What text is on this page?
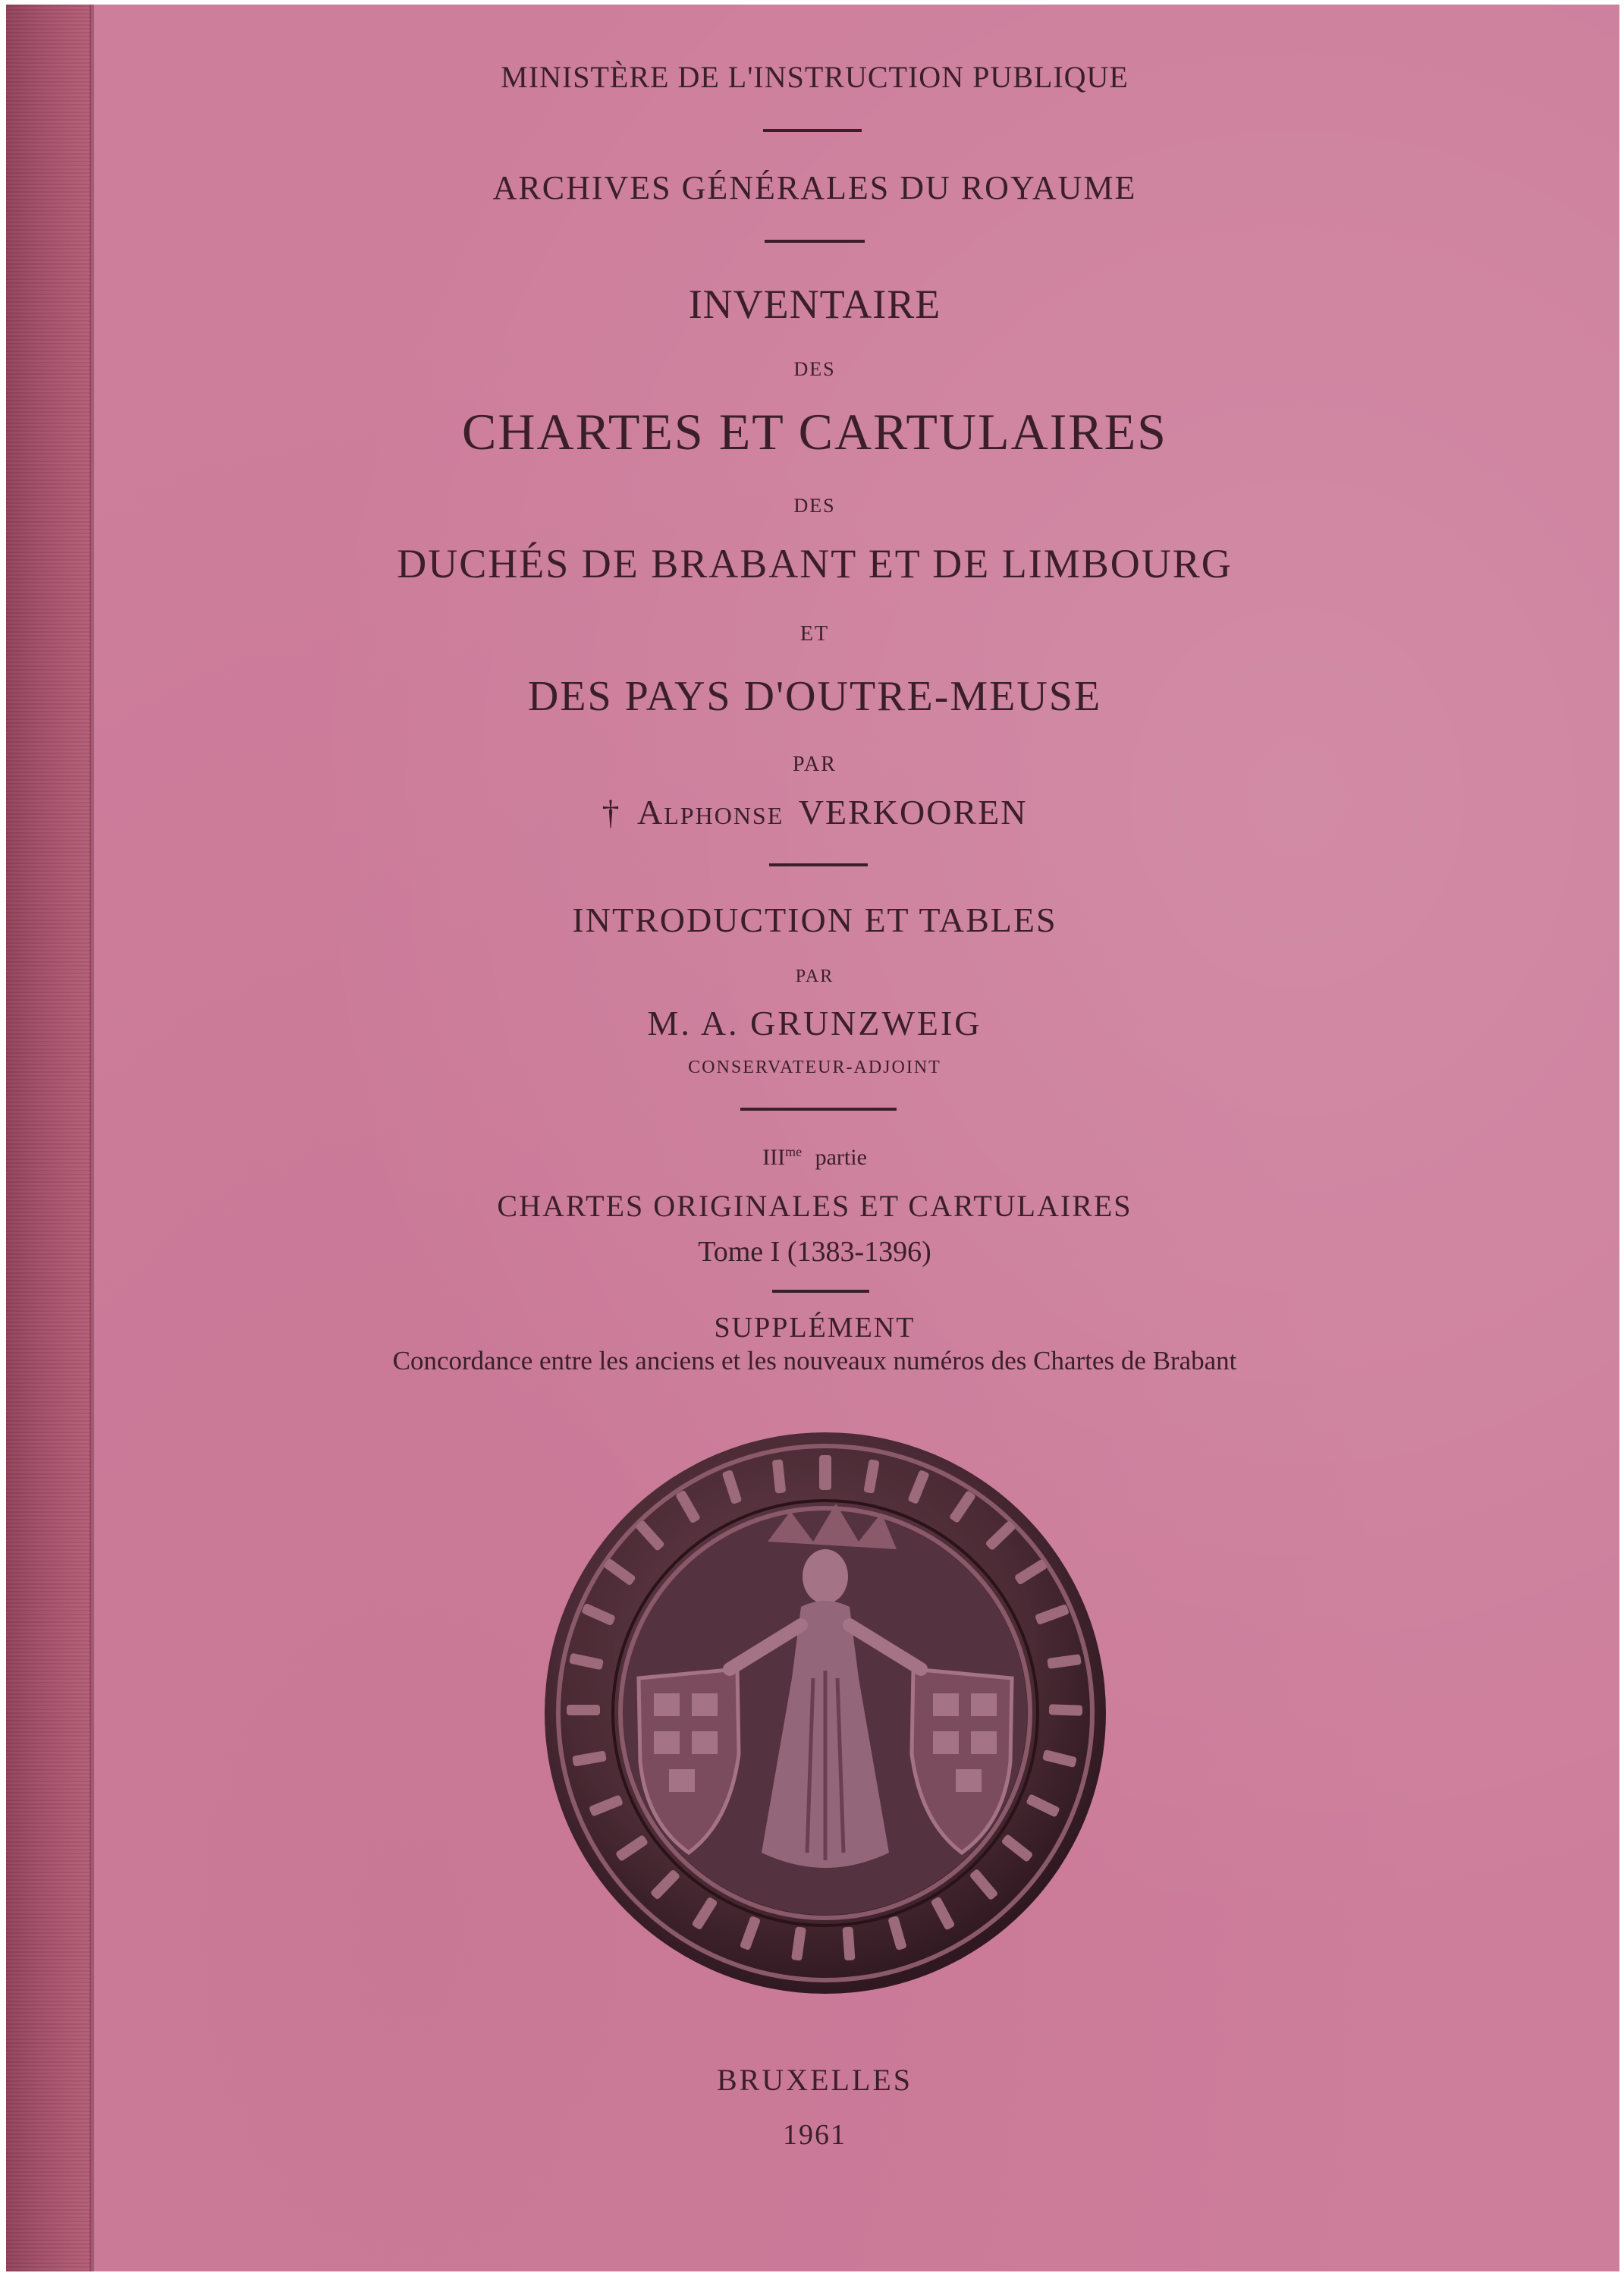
MINISTÈRE DE L'INSTRUCTION PUBLIQUE

ARCHIVES GÉNÉRALES DU ROYAUME

INVENTAIRE

DES

CHARTES ET CARTULAIRES

DES

DUCHÉS DE BRABANT ET DE LIMBOURG

ET

DES PAYS D'OUTRE-MEUSE

PAR

† Alphonse VERKOOREN

INTRODUCTION ET TABLES

PAR

M. A. GRUNZWEIG

CONSERVATEUR-ADJOINT

$III^{me}$ partie

CHARTES ORIGINALES ET CARTULAIRES

Tome I (1383-1396)

SUPPLÉMENT

Concordance entre les anciens et les nouveaux numéros des Chartes de Brabant

BRUXELLES

1961
